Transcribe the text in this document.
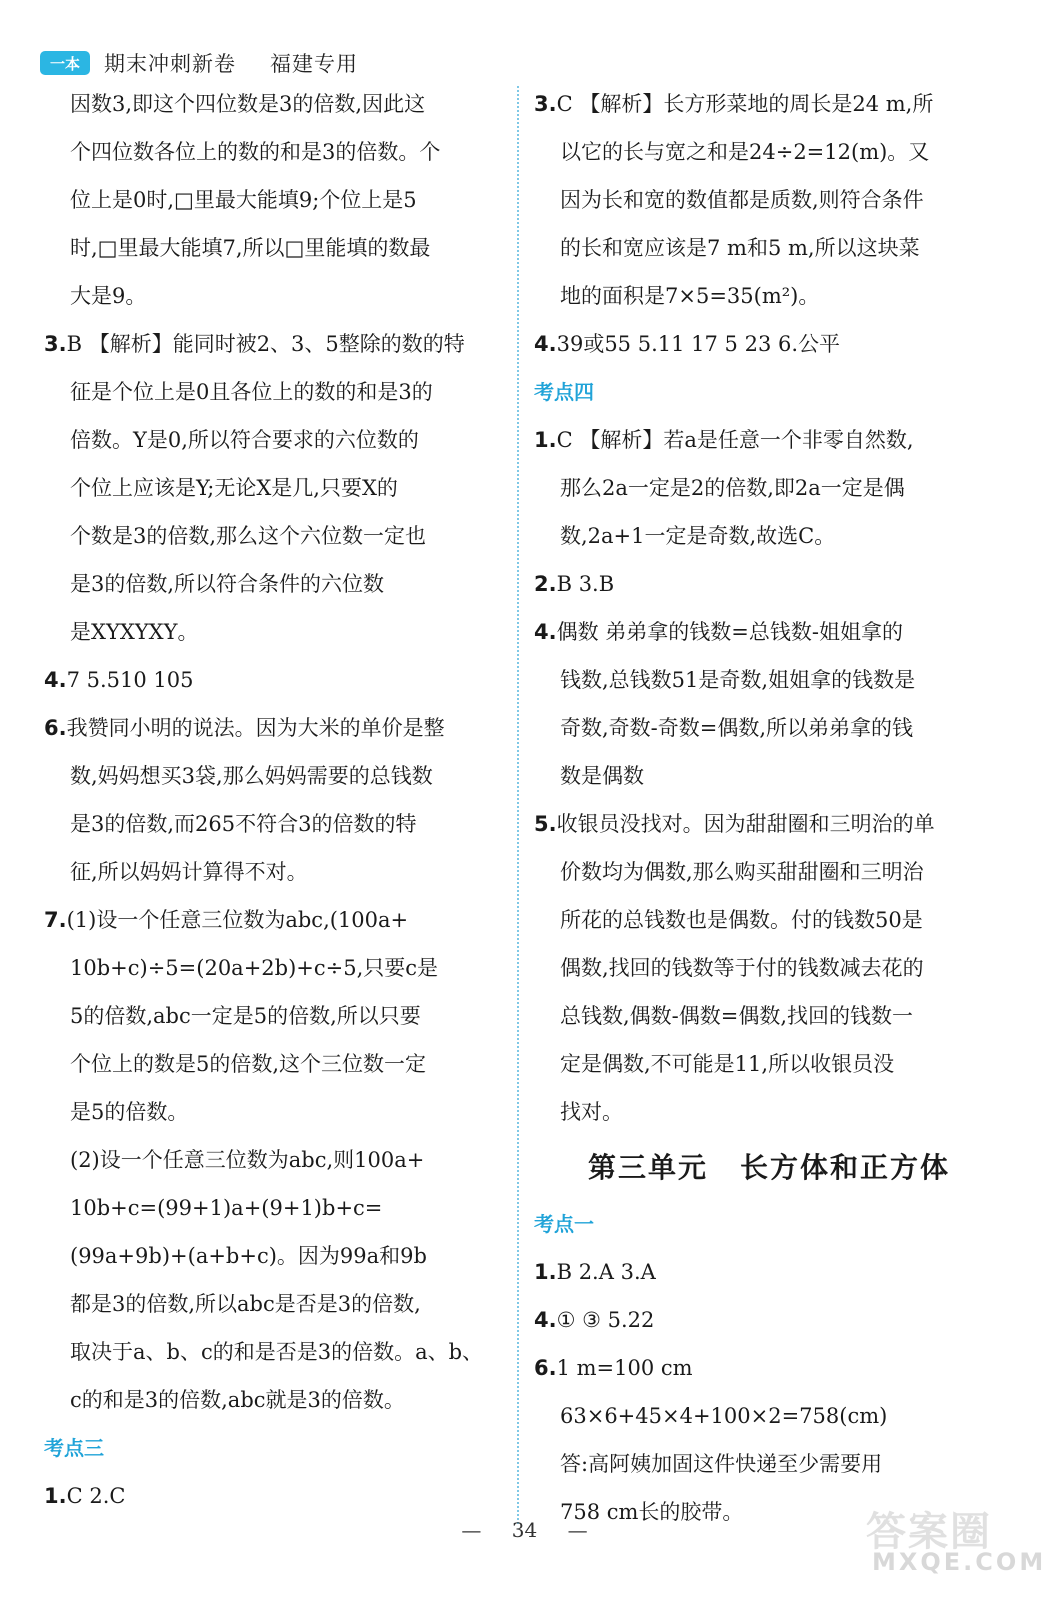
一本	期末冲刺新卷 福建专用
因数3,即这个四位数是3的倍数,因此这
个四位数各位上的数的和是3的倍数。个
位上是0时,□里最大能填9;个位上是5
时,□里最大能填7,所以□里能填的数最
大是9。
3.B 【解析】能同时被2、3、5整除的数的特
征是个位上是0且各位上的数的和是3的
倍数。Y是0,所以符合要求的六位数的
个位上应该是Y;无论X是几,只要X的
个数是3的倍数,那么这个六位数一定也
是3的倍数,所以符合条件的六位数
是XYXYXY。
4.7 5.510 105
6.我赞同小明的说法。因为大米的单价是整
数,妈妈想买3袋,那么妈妈需要的总钱数
是3的倍数,而265不符合3的倍数的特
征,所以妈妈计算得不对。
7.(1)设一个任意三位数为abc,(100a+
10b+c)÷5=(20a+2b)+c÷5,只要c是
5的倍数,abc一定是5的倍数,所以只要
个位上的数是5的倍数,这个三位数一定
是5的倍数。
(2)设一个任意三位数为abc,则100a+
10b+c=(99+1)a+(9+1)b+c=
(99a+9b)+(a+b+c)。因为99a和9b
都是3的倍数,所以abc是否是3的倍数,
取决于a、b、c的和是否是3的倍数。a、b、
c的和是3的倍数,abc就是3的倍数。
考点三
1.C 2.C
3.C 【解析】长方形菜地的周长是24 m,所
以它的长与宽之和是24÷2=12(m)。又
因为长和宽的数值都是质数,则符合条件
的长和宽应该是7 m和5 m,所以这块菜
地的面积是7×5=35(m²)。
4.39或55 5.11 17 5 23 6.公平
考点四
1.C 【解析】若a是任意一个非零自然数,
那么2a一定是2的倍数,即2a一定是偶
数,2a+1一定是奇数,故选C。
2.B 3.B
4.偶数 弟弟拿的钱数=总钱数-姐姐拿的
钱数,总钱数51是奇数,姐姐拿的钱数是
奇数,奇数-奇数=偶数,所以弟弟拿的钱
数是偶数
5.收银员没找对。因为甜甜圈和三明治的单
价数均为偶数,那么购买甜甜圈和三明治
所花的总钱数也是偶数。付的钱数50是
偶数,找回的钱数等于付的钱数减去花的
总钱数,偶数-偶数=偶数,找回的钱数一
定是偶数,不可能是11,所以收银员没
找对。
第三单元 长方体和正方体
考点一
1.B 2.A 3.A
4.① ③ 5.22
6.1 m=100 cm
63×6+45×4+100×2=758(cm)
答:高阿姨加固这件快递至少需要用
758 cm长的胶带。
— 34 —	答案圈
MXQE.COM
